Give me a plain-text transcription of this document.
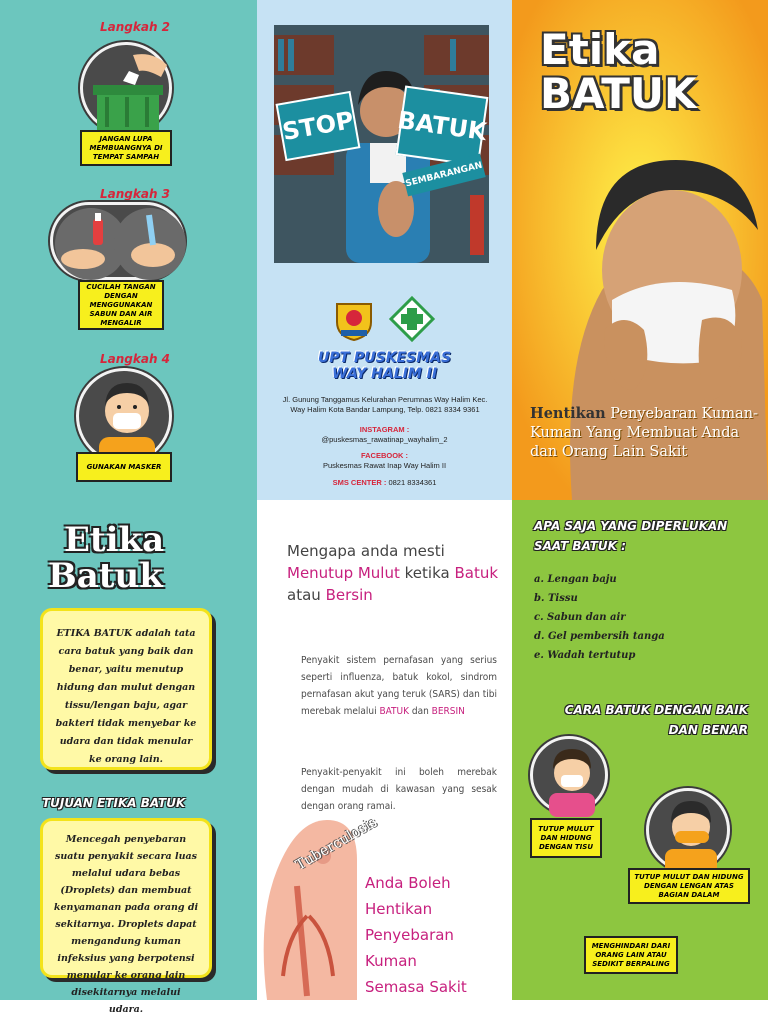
Langkah 2
JANGAN LUPA MEMBUANGNYA DI TEMPAT SAMPAH
Langkah 3
CUCILAH TANGAN DENGAN MENGGUNAKAN SABUN DAN AIR MENGALIR
Langkah 4
GUNAKAN MASKER
STOP BATUK
SEMBARANGAN
UPT PUSKESMAS
WAY HALIM II
Jl. Gunung Tanggamus Kelurahan Perumnas Way Halim Kec. Way Halim Kota Bandar Lampung, Telp. 0821 8334 9361
INSTAGRAM :
@puskesmas_rawatinap_wayhalim_2
FACEBOOK :
Puskesmas Rawat Inap Way Halim II
SMS CENTER : 0821 8334361
Etika
BATUK
Hentikan Penyebaran Kuman-Kuman Yang Membuat Anda dan Orang Lain Sakit
Etika
Batuk
ETIKA BATUK adalah tata cara batuk yang baik dan benar, yaitu menutup hidung dan mulut dengan tissu/lengan baju, agar bakteri tidak menyebar ke udara dan tidak menular ke orang lain.
TUJUAN ETIKA BATUK
Mencegah penyebaran suatu penyakit secara luas melalui udara bebas (Droplets) dan membuat kenyamanan pada orang di sekitarnya. Droplets dapat mengandung kuman infeksius yang berpotensi menular ke orang lain disekitarnya melalui udara.
Mengapa anda mesti
Menutup Mulut ketika Batuk
atau Bersin
Penyakit sistem pernafasan yang serius seperti influenza, batuk kokol, sindrom pernafasan akut yang teruk (SARS) dan tibi merebak melalui BATUK dan BERSIN
Penyakit-penyakit ini boleh merebak dengan mudah di kawasan yang sesak dengan orang ramai.
Tuberculosis
Anda Boleh Hentikan
Penyebaran Kuman
Semasa Sakit
APA SAJA YANG DIPERLUKAN SAAT BATUK :
a. Lengan baju
b. Tissu
c. Sabun dan air
d. Gel pembersih tanga
e. Wadah tertutup
CARA BATUK DENGAN BAIK DAN BENAR
TUTUP MULUT DAN HIDUNG DENGAN TISU
TUTUP MULUT DAN HIDUNG DENGAN LENGAN ATAS BAGIAN DALAM
MENGHINDARI DARI ORANG LAIN ATAU SEDIKIT BERPALING
